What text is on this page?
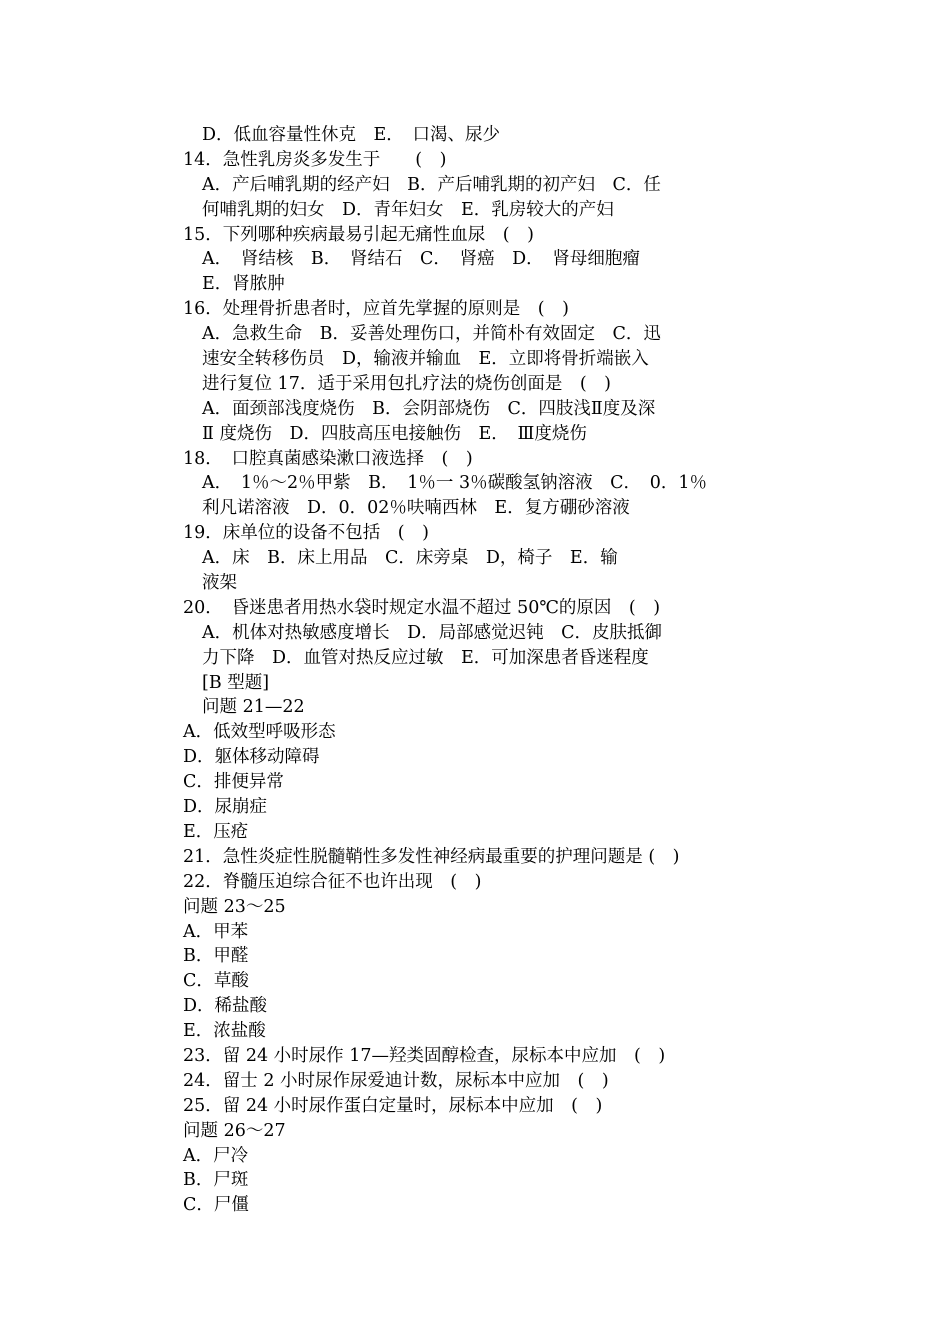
D．低血容量性休克　E．　口渴、尿少
14．急性乳房炎多发生于　　(　)
A．产后哺乳期的经产妇　B．产后哺乳期的初产妇　C．任
何哺乳期的妇女　D．青年妇女　E．乳房较大的产妇
15．下列哪种疾病最易引起无痛性血尿　(　)
A．　肾结核　B．　肾结石　C．　肾癌　D．　肾母细胞瘤
E．肾脓肿
16．处理骨折患者时，应首先掌握的原则是　(　)
A．急救生命　B．妥善处理伤口，并简朴有效固定　C．迅
速安全转移伤员　D，输液并输血　E．立即将骨折端嵌入
进行复位 17．适于采用包扎疗法的烧伤创面是　(　)
A．面颈部浅度烧伤　B．会阴部烧伤　C．四肢浅Ⅱ度及深
Ⅱ 度烧伤　D．四肢高压电接触伤　E．　Ⅲ度烧伤
18．　口腔真菌感染漱口液选择　(　)
A．　1％～2％甲紫　B．　1％一 3％碳酸氢钠溶液　C．　0．1％
利凡诺溶液　D．0．02％呋喃西林　E．复方硼砂溶液
19．床单位的设备不包括　(　)
A．床　B．床上用品　C．床旁桌　D，椅子　E．输
液架
20．　昏迷患者用热水袋时规定水温不超过 50℃的原因　(　)
A．机体对热敏感度增长　D．局部感觉迟钝　C．皮肤抵御
力下降　D．血管对热反应过敏　E．可加深患者昏迷程度
[B 型题]
问题 21—22
A．低效型呼吸形态
D．躯体移动障碍
C．排便异常
D．尿崩症
E．压疮
21．急性炎症性脱髓鞘性多发性神经病最重要的护理问题是 (　)
22．脊髓压迫综合征不也许出现　(　)
问题 23～25
A．甲苯
B．甲醛
C．草酸
D．稀盐酸
E．浓盐酸
23．留 24 小时尿作 17—羟类固醇检查，尿标本中应加　(　)
24．留士 2 小时尿作尿爱迪计数，尿标本中应加　(　)
25．留 24 小时尿作蛋白定量时，尿标本中应加　(　)
问题 26～27
A．尸冷
B．尸斑
C．尸僵
